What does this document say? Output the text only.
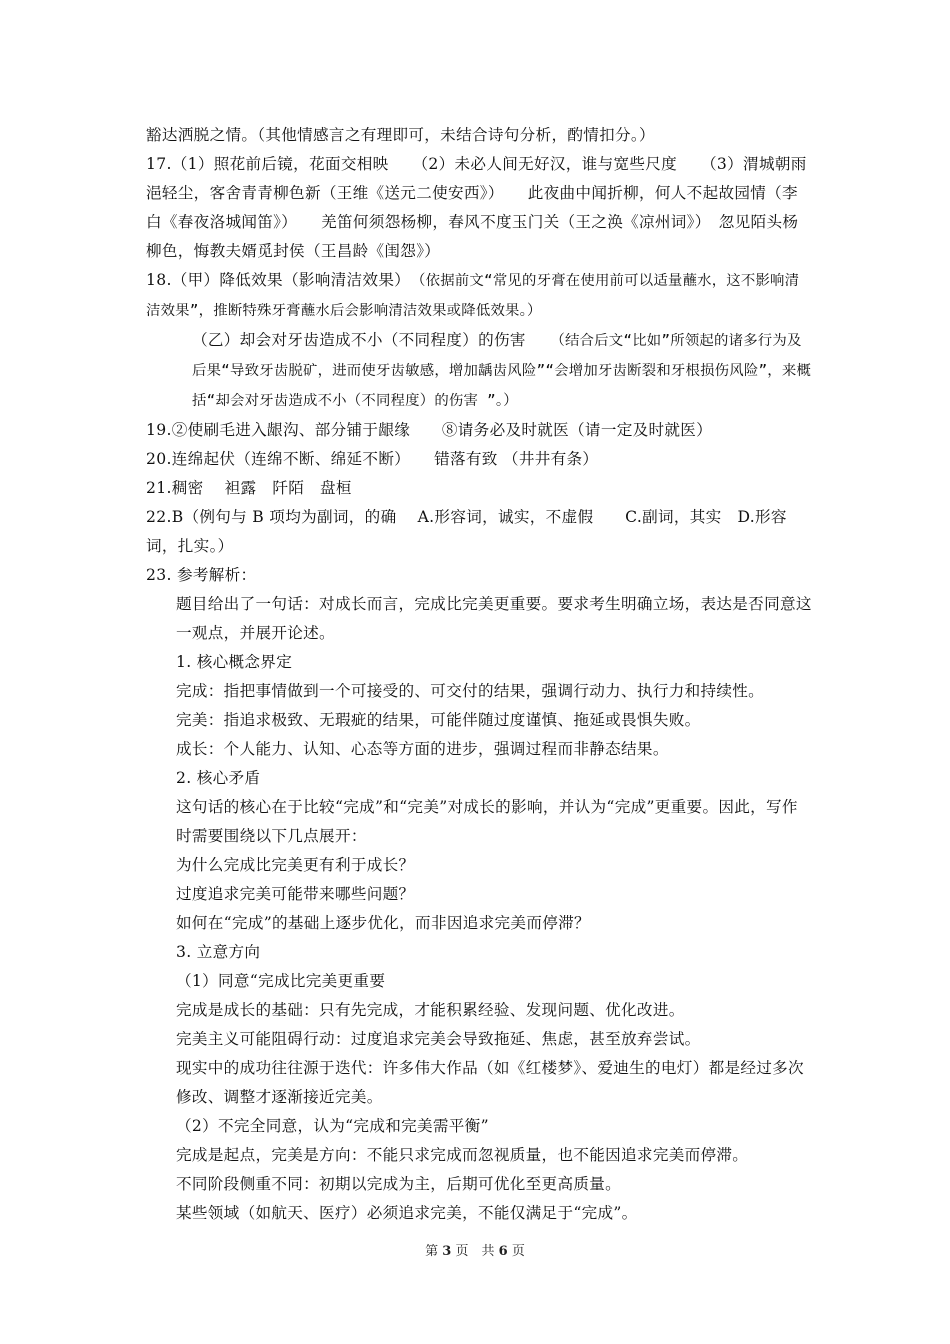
豁达洒脱之情。（其他情感言之有理即可，未结合诗句分析，酌情扣分。）

17.（1）照花前后镜，花面交相映　　（2）未必人间无好汉，谁与宽些尺度　　（3）渭城朝雨浥轻尘，客舍青青柳色新（王维《送元二使安西》）　　此夜曲中闻折柳，何人不起故园情（李白《春夜洛城闻笛》）　　羌笛何须怨杨柳，春风不度玉门关（王之涣《凉州词》）　忽见陌头杨柳色，悔教夫婿觅封侯（王昌龄《闺怨》）

18.（甲）降低效果（影响清洁效果）　 （依据前文“常见的牙膏在使用前可以适量蘸水，这不影响清洁效果”，推断特殊牙膏蘸水后会影响清洁效果或降低效果。）

（乙）却会对牙齿造成不小（不同程度）的伤害　　 （结合后文“比如”所领起的诸多行为及后果“导致牙齿脱矿，进而使牙齿敏感，增加龋齿风险”“会增加牙齿断裂和牙根损伤风险”，来概括“却会对牙齿造成不小（不同程度）的伤害 ”。）

19.②使刷毛进入龈沟、部分铺于龈缘　　⑧请务必及时就医（请一定及时就医）

20.连绵起伏（连绵不断、绵延不断）　　错落有致 （井井有条）

21.稠密　 袒露　阡陌　盘桓

22.B（例句与 B 项均为副词，的确　 A.形容词，诚实，不虚假　　C.副词，其实　D.形容词，扎实。）

23. 参考解析：

题目给出了一句话：对成长而言，完成比完美更重要。要求考生明确立场，表达是否同意这一观点，并展开论述。

1. 核心概念界定

完成：指把事情做到一个可接受的、可交付的结果，强调行动力、执行力和持续性。

完美：指追求极致、无瑕疵的结果，可能伴随过度谨慎、拖延或畏惧失败。

成长：个人能力、认知、心态等方面的进步，强调过程而非静态结果。

2. 核心矛盾

这句话的核心在于比较“完成”和“完美”对成长的影响，并认为“完成”更重要。因此，写作时需要围绕以下几点展开：

为什么完成比完美更有利于成长？

过度追求完美可能带来哪些问题？

如何在“完成”的基础上逐步优化，而非因追求完美而停滞？

3. 立意方向

（1）同意“完成比完美更重要

完成是成长的基础：只有先完成，才能积累经验、发现问题、优化改进。

完美主义可能阻碍行动：过度追求完美会导致拖延、焦虑，甚至放弃尝试。

现实中的成功往往源于迭代：许多伟大作品（如《红楼梦》、爱迪生的电灯）都是经过多次修改、调整才逐渐接近完美。

（2）不完全同意，认为“完成和完美需平衡”

完成是起点，完美是方向：不能只求完成而忽视质量，也不能因追求完美而停滞。

不同阶段侧重不同：初期以完成为主，后期可优化至更高质量。

某些领域（如航天、医疗）必须追求完美，不能仅满足于“完成”。

第 3 页　共 6 页
